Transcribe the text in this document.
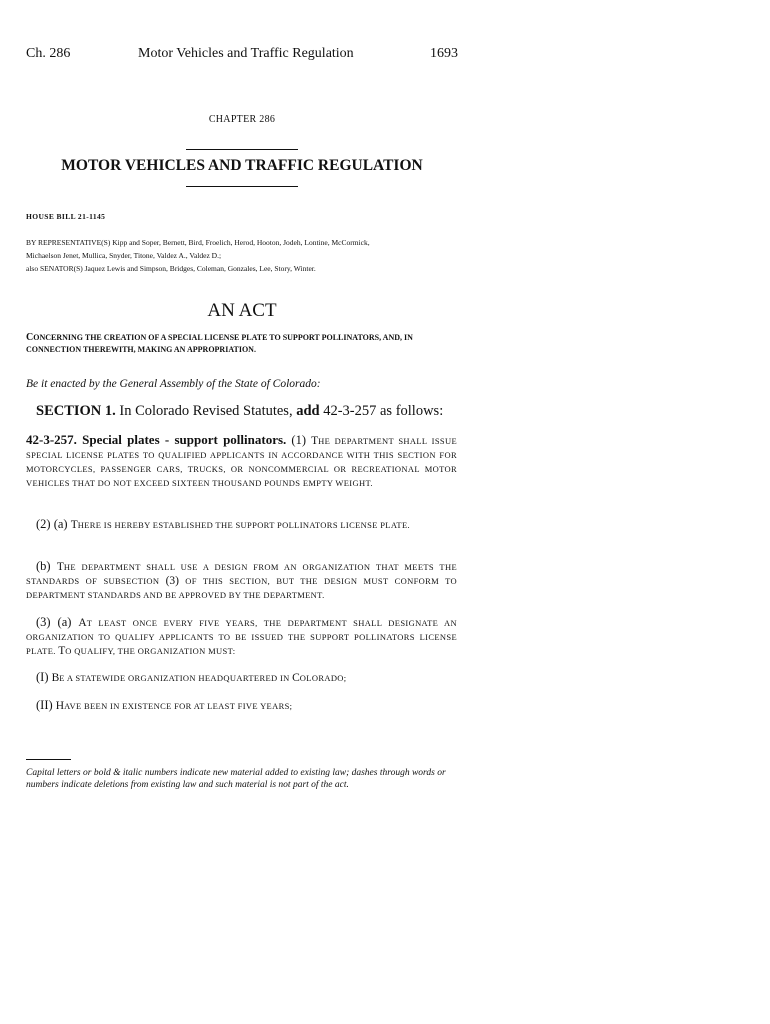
Ch. 286	Motor Vehicles and Traffic Regulation	1693
CHAPTER 286
MOTOR VEHICLES AND TRAFFIC REGULATION
HOUSE BILL 21-1145
BY REPRESENTATIVE(S) Kipp and Soper, Bernett, Bird, Froelich, Herod, Hooton, Jodeh, Lontine, McCormick,
Michaelson Jenet, Mullica, Snyder, Titone, Valdez A., Valdez D.;
also SENATOR(S) Jaquez Lewis and Simpson, Bridges, Coleman, Gonzales, Lee, Story, Winter.
AN ACT
CONCERNING THE CREATION OF A SPECIAL LICENSE PLATE TO SUPPORT POLLINATORS, AND, IN CONNECTION THEREWITH, MAKING AN APPROPRIATION.
Be it enacted by the General Assembly of the State of Colorado:
SECTION 1. In Colorado Revised Statutes, add 42-3-257 as follows:

42-3-257. Special plates - support pollinators. (1) THE DEPARTMENT SHALL ISSUE SPECIAL LICENSE PLATES TO QUALIFIED APPLICANTS IN ACCORDANCE WITH THIS SECTION FOR MOTORCYCLES, PASSENGER CARS, TRUCKS, OR NONCOMMERCIAL OR RECREATIONAL MOTOR VEHICLES THAT DO NOT EXCEED SIXTEEN THOUSAND POUNDS EMPTY WEIGHT.

(2) (a) THERE IS HEREBY ESTABLISHED THE SUPPORT POLLINATORS LICENSE PLATE.

(b) THE DEPARTMENT SHALL USE A DESIGN FROM AN ORGANIZATION THAT MEETS THE STANDARDS OF SUBSECTION (3) OF THIS SECTION, BUT THE DESIGN MUST CONFORM TO DEPARTMENT STANDARDS AND BE APPROVED BY THE DEPARTMENT.

(3) (a) AT LEAST ONCE EVERY FIVE YEARS, THE DEPARTMENT SHALL DESIGNATE AN ORGANIZATION TO QUALIFY APPLICANTS TO BE ISSUED THE SUPPORT POLLINATORS LICENSE PLATE. TO QUALIFY, THE ORGANIZATION MUST:

(I) BE A STATEWIDE ORGANIZATION HEADQUARTERED IN COLORADO;

(II) HAVE BEEN IN EXISTENCE FOR AT LEAST FIVE YEARS;

Capital letters or bold & italic numbers indicate new material added to existing law; dashes through words or numbers indicate deletions from existing law and such material is not part of the act.
